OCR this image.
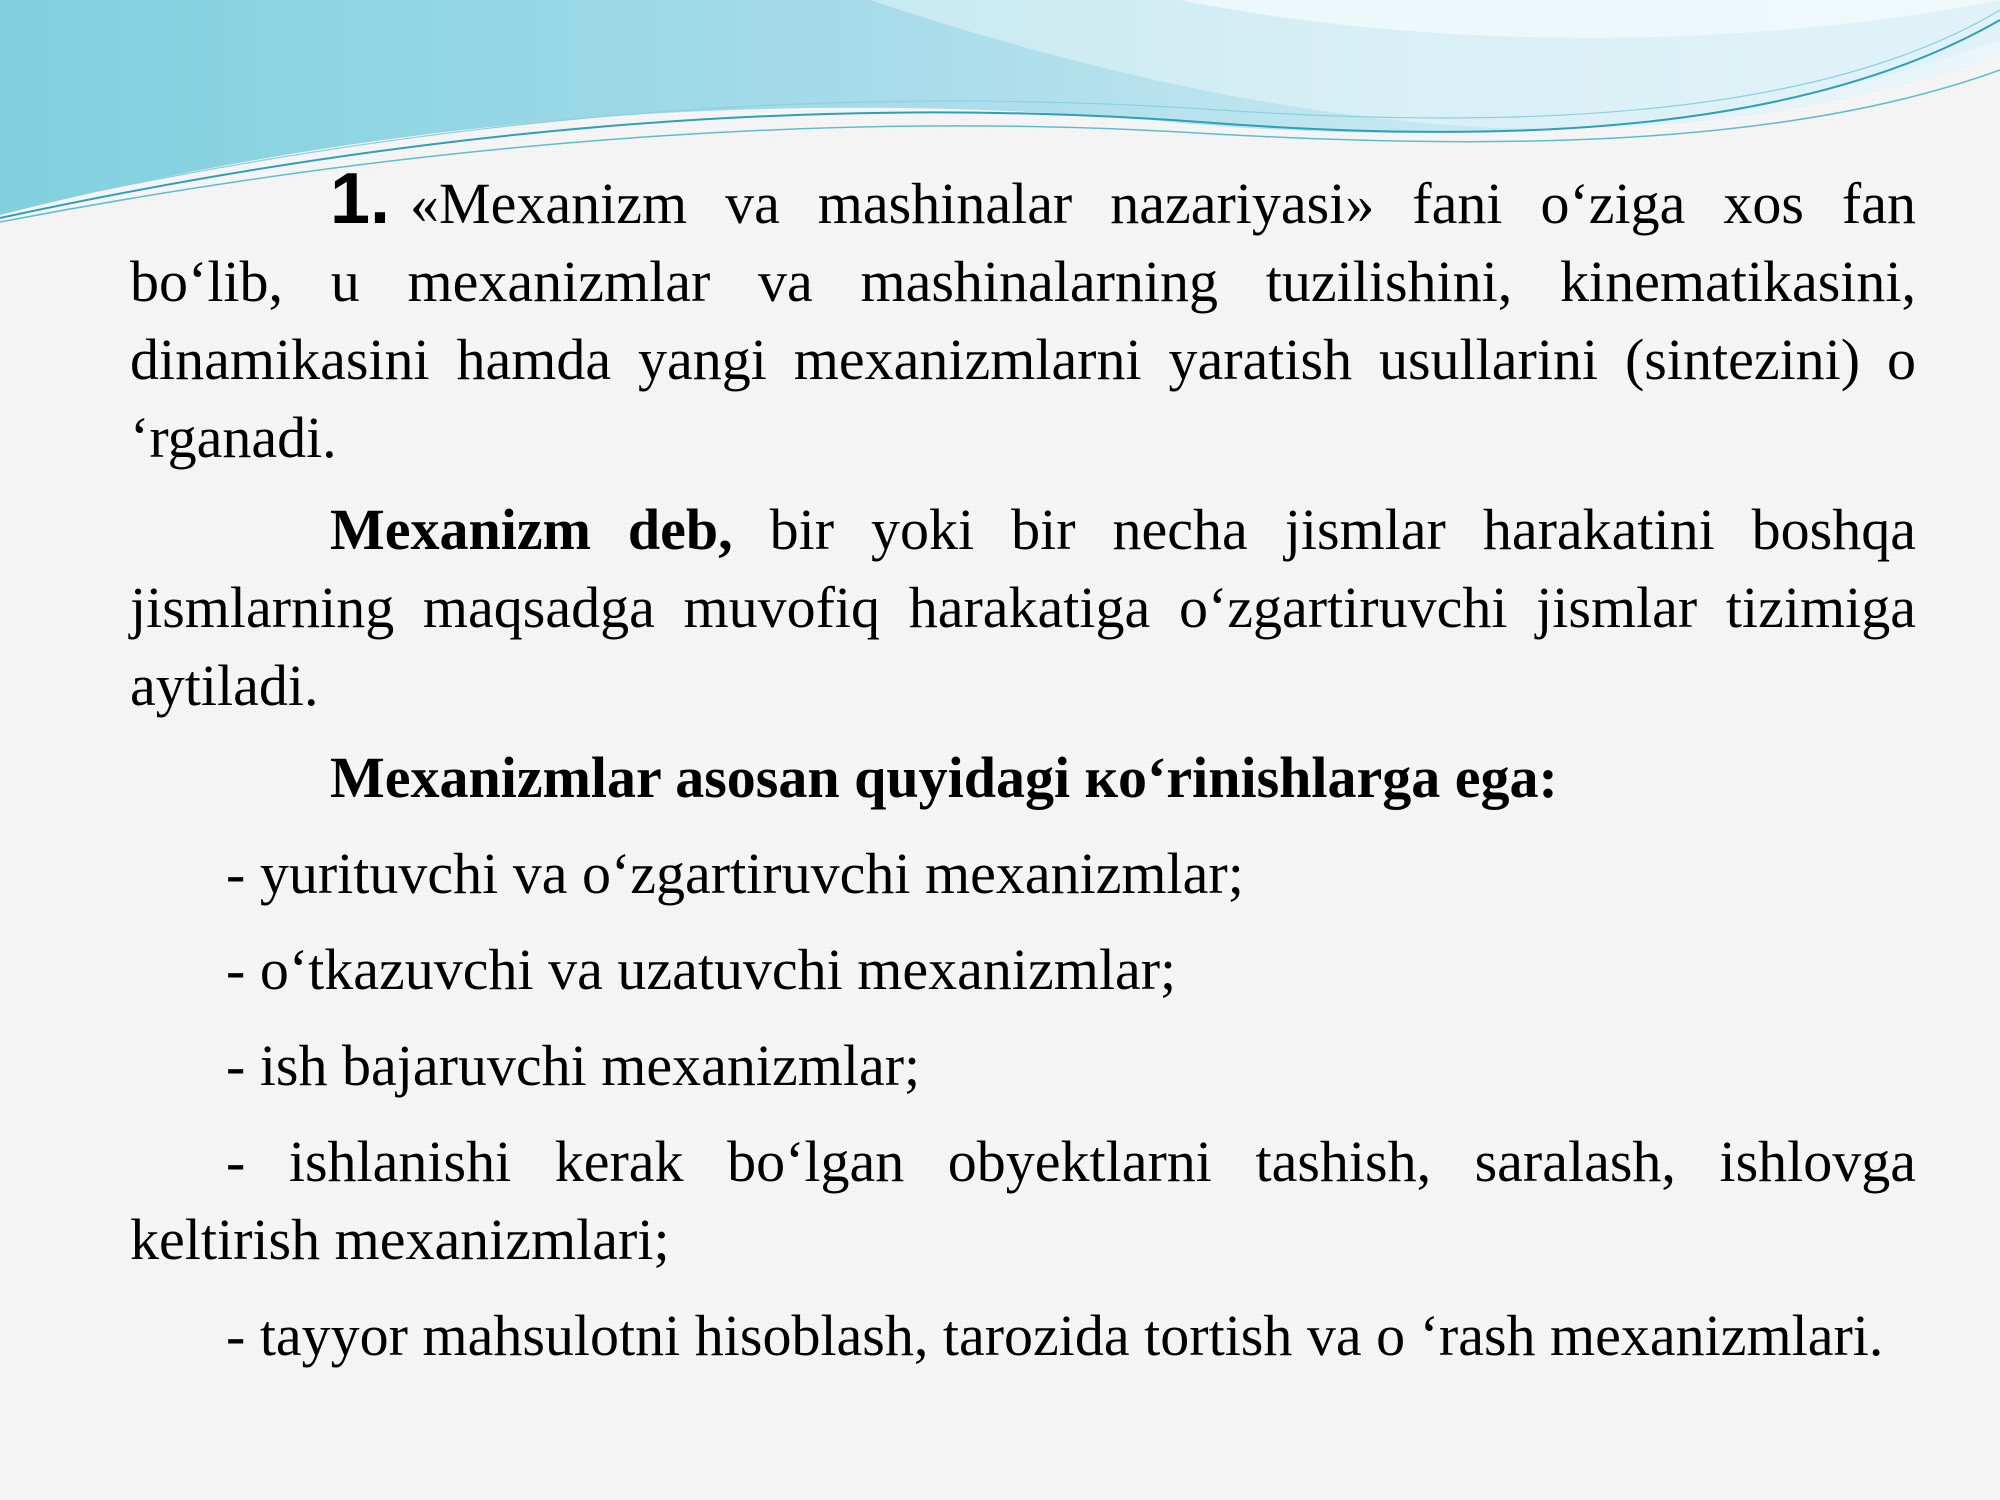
1. «Mexanizm va mashinalar nazariyasi» fani o‘ziga xos fan bo‘lib, u mexanizmlar va mashinalarning tuzilishini, kinematikasini, dinamikasini hamda yangi mexanizmlarni yaratish usullarini (sintezini) o ‘rganadi.

Mexanizm deb, bir yoki bir necha jismlar harakatini boshqa jismlarning maqsadga muvofiq harakatiga o‘zgartiruvchi jismlar tizimiga aytiladi.

Mexanizmlar asosan quyidagi кo‘rinishlarga ega:

- yurituvchi va o‘zgartiruvchi mexanizmlar;

- o‘tkazuvchi va uzatuvchi mexanizmlar;

- ish bajaruvchi mexanizmlar;

- ishlanishi kerak bo‘lgan obyektlarni tashish, saralash, ishlovga keltirish mexanizmlari;

- tayyor mahsulotni hisoblash, tarozida tortish va o ‘rash mexanizmlari.
